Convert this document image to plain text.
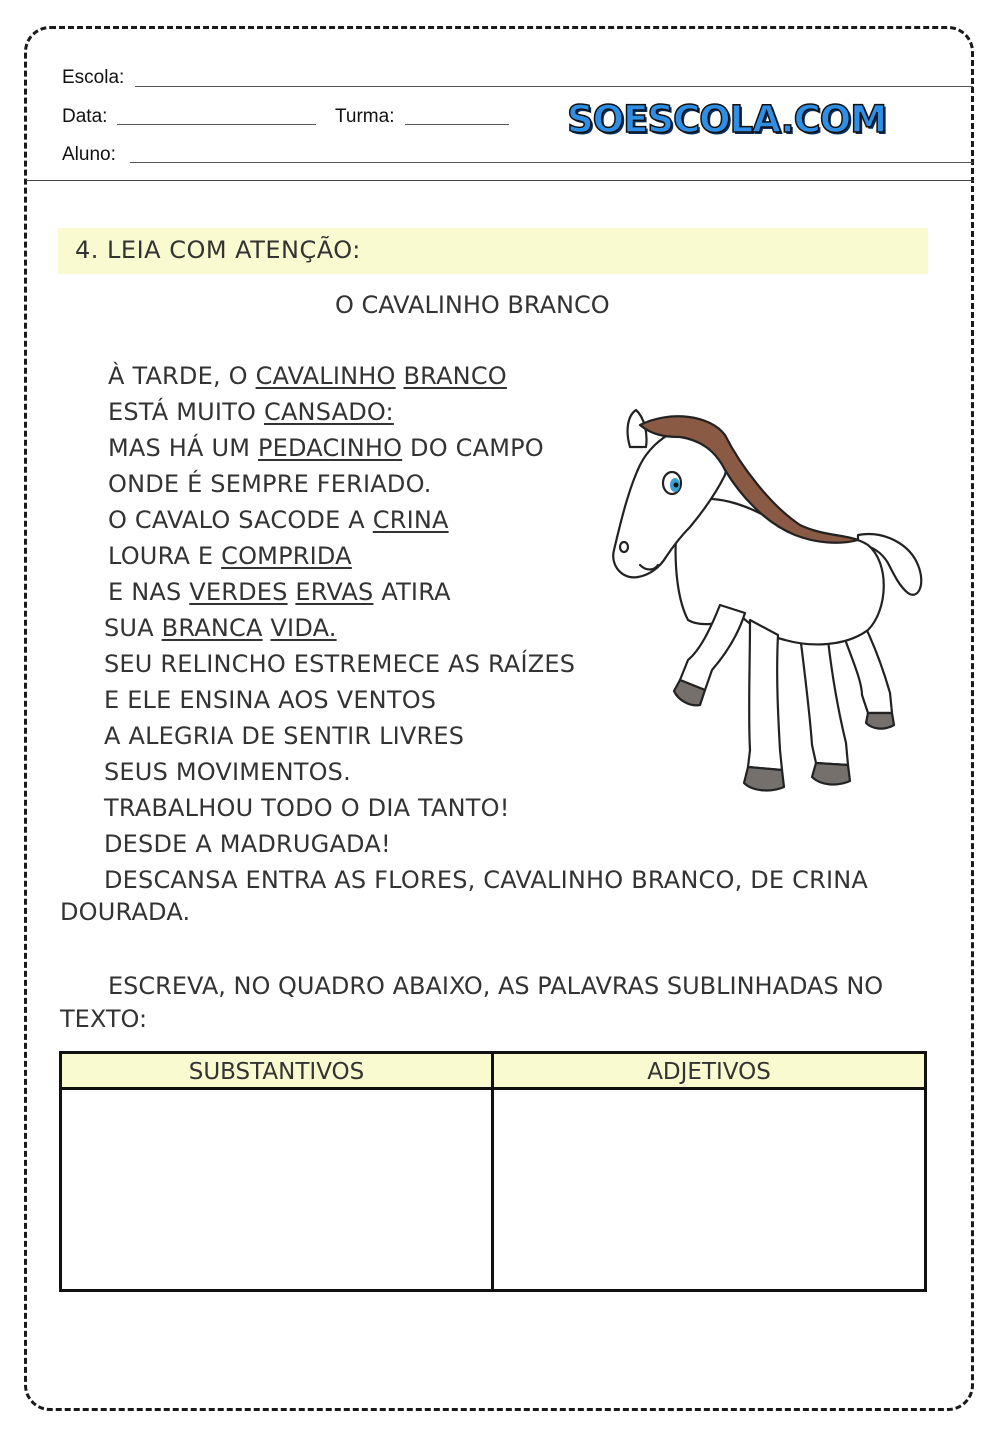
Escola:
Data:	Turma:
Aluno:
SOESCOLA.COM
4. LEIA COM ATENÇÃO:
O CAVALINHO BRANCO
À TARDE, O CAVALINHO BRANCO
ESTÁ MUITO CANSADO:
MAS HÁ UM PEDACINHO DO CAMPO
ONDE É SEMPRE FERIADO.
O CAVALO SACODE A CRINA
LOURA E COMPRIDA
E NAS VERDES ERVAS ATIRA
SUA BRANCA VIDA.
SEU RELINCHO ESTREMECE AS RAÍZES
E ELE ENSINA AOS VENTOS
A ALEGRIA DE SENTIR LIVRES
SEUS MOVIMENTOS.
TRABALHOU TODO O DIA TANTO!
DESDE A MADRUGADA!
DESCANSA ENTRA AS FLORES, CAVALINHO BRANCO, DE CRINA
DOURADA.
ESCREVA, NO QUADRO ABAIXO, AS PALAVRAS SUBLINHADAS NO TEXTO:
SUBSTANTIVOS	ADJETIVOS
